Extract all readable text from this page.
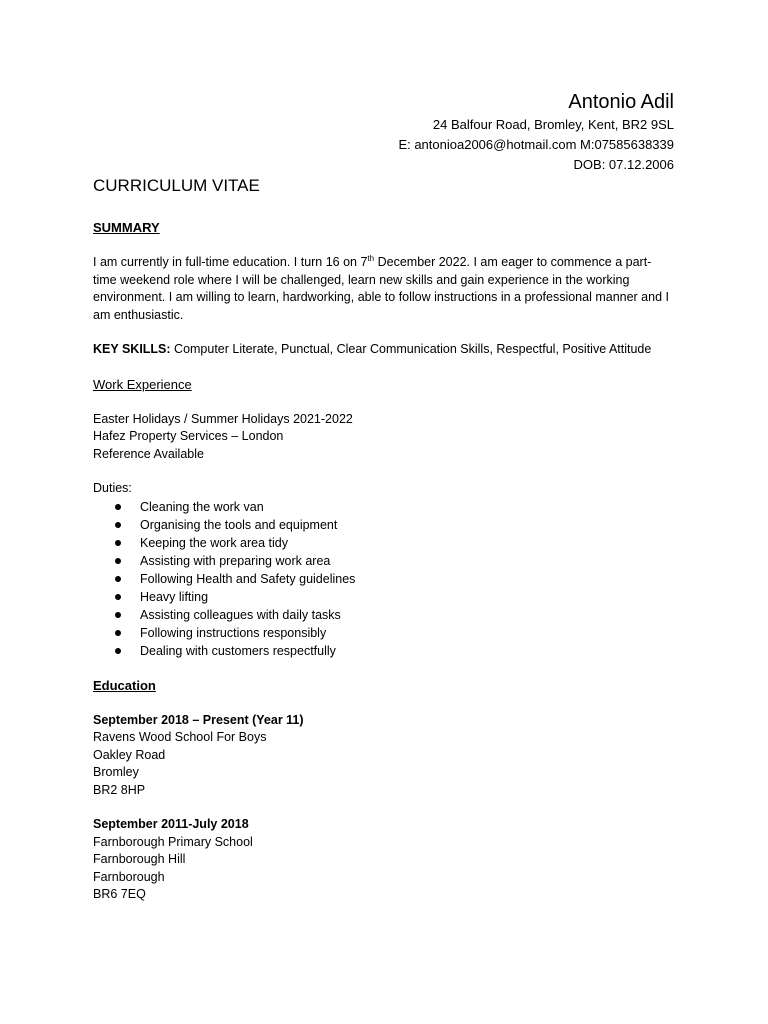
Antonio Adil
24 Balfour Road, Bromley, Kent, BR2 9SL
E: antonioa2006@hotmail.com M:07585638339
DOB: 07.12.2006
CURRICULUM VITAE
SUMMARY

I am currently in full-time education. I turn 16 on 7th December 2022. I am eager to commence a part-time weekend role where I will be challenged, learn new skills and gain experience in the working environment. I am willing to learn, hardworking, able to follow instructions in a professional manner and I am enthusiastic.

KEY SKILLS: Computer Literate, Punctual, Clear Communication Skills, Respectful, Positive Attitude

Work Experience
Easter Holidays / Summer Holidays 2021-2022
Hafez Property Services – London
Reference Available
Duties:
Cleaning the work van
Organising the tools and equipment
Keeping the work area tidy
Assisting with preparing work area
Following Health and Safety guidelines
Heavy lifting
Assisting colleagues with daily tasks
Following instructions responsibly
Dealing with customers respectfully
Education
September 2018 – Present (Year 11)
Ravens Wood School For Boys
Oakley Road
Bromley
BR2 8HP
September 2011-July 2018
Farnborough Primary School
Farnborough Hill
Farnborough
BR6 7EQ
